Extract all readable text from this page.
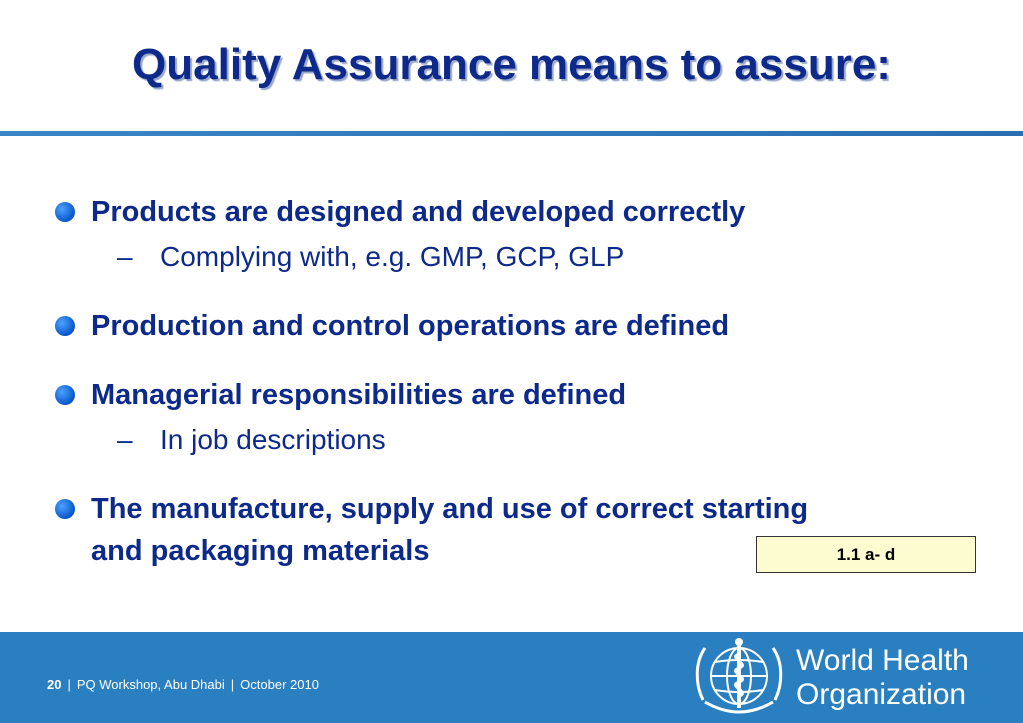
Quality Assurance means to assure:
Products are designed and developed correctly
– Complying with, e.g. GMP, GCP, GLP
Production and control operations are defined
Managerial responsibilities are defined
– In job descriptions
The manufacture, supply and use of correct starting
and packaging materials	1.1 a- d
20 | PQ Workshop, Abu Dhabi | October 2010
World Health
Organization
